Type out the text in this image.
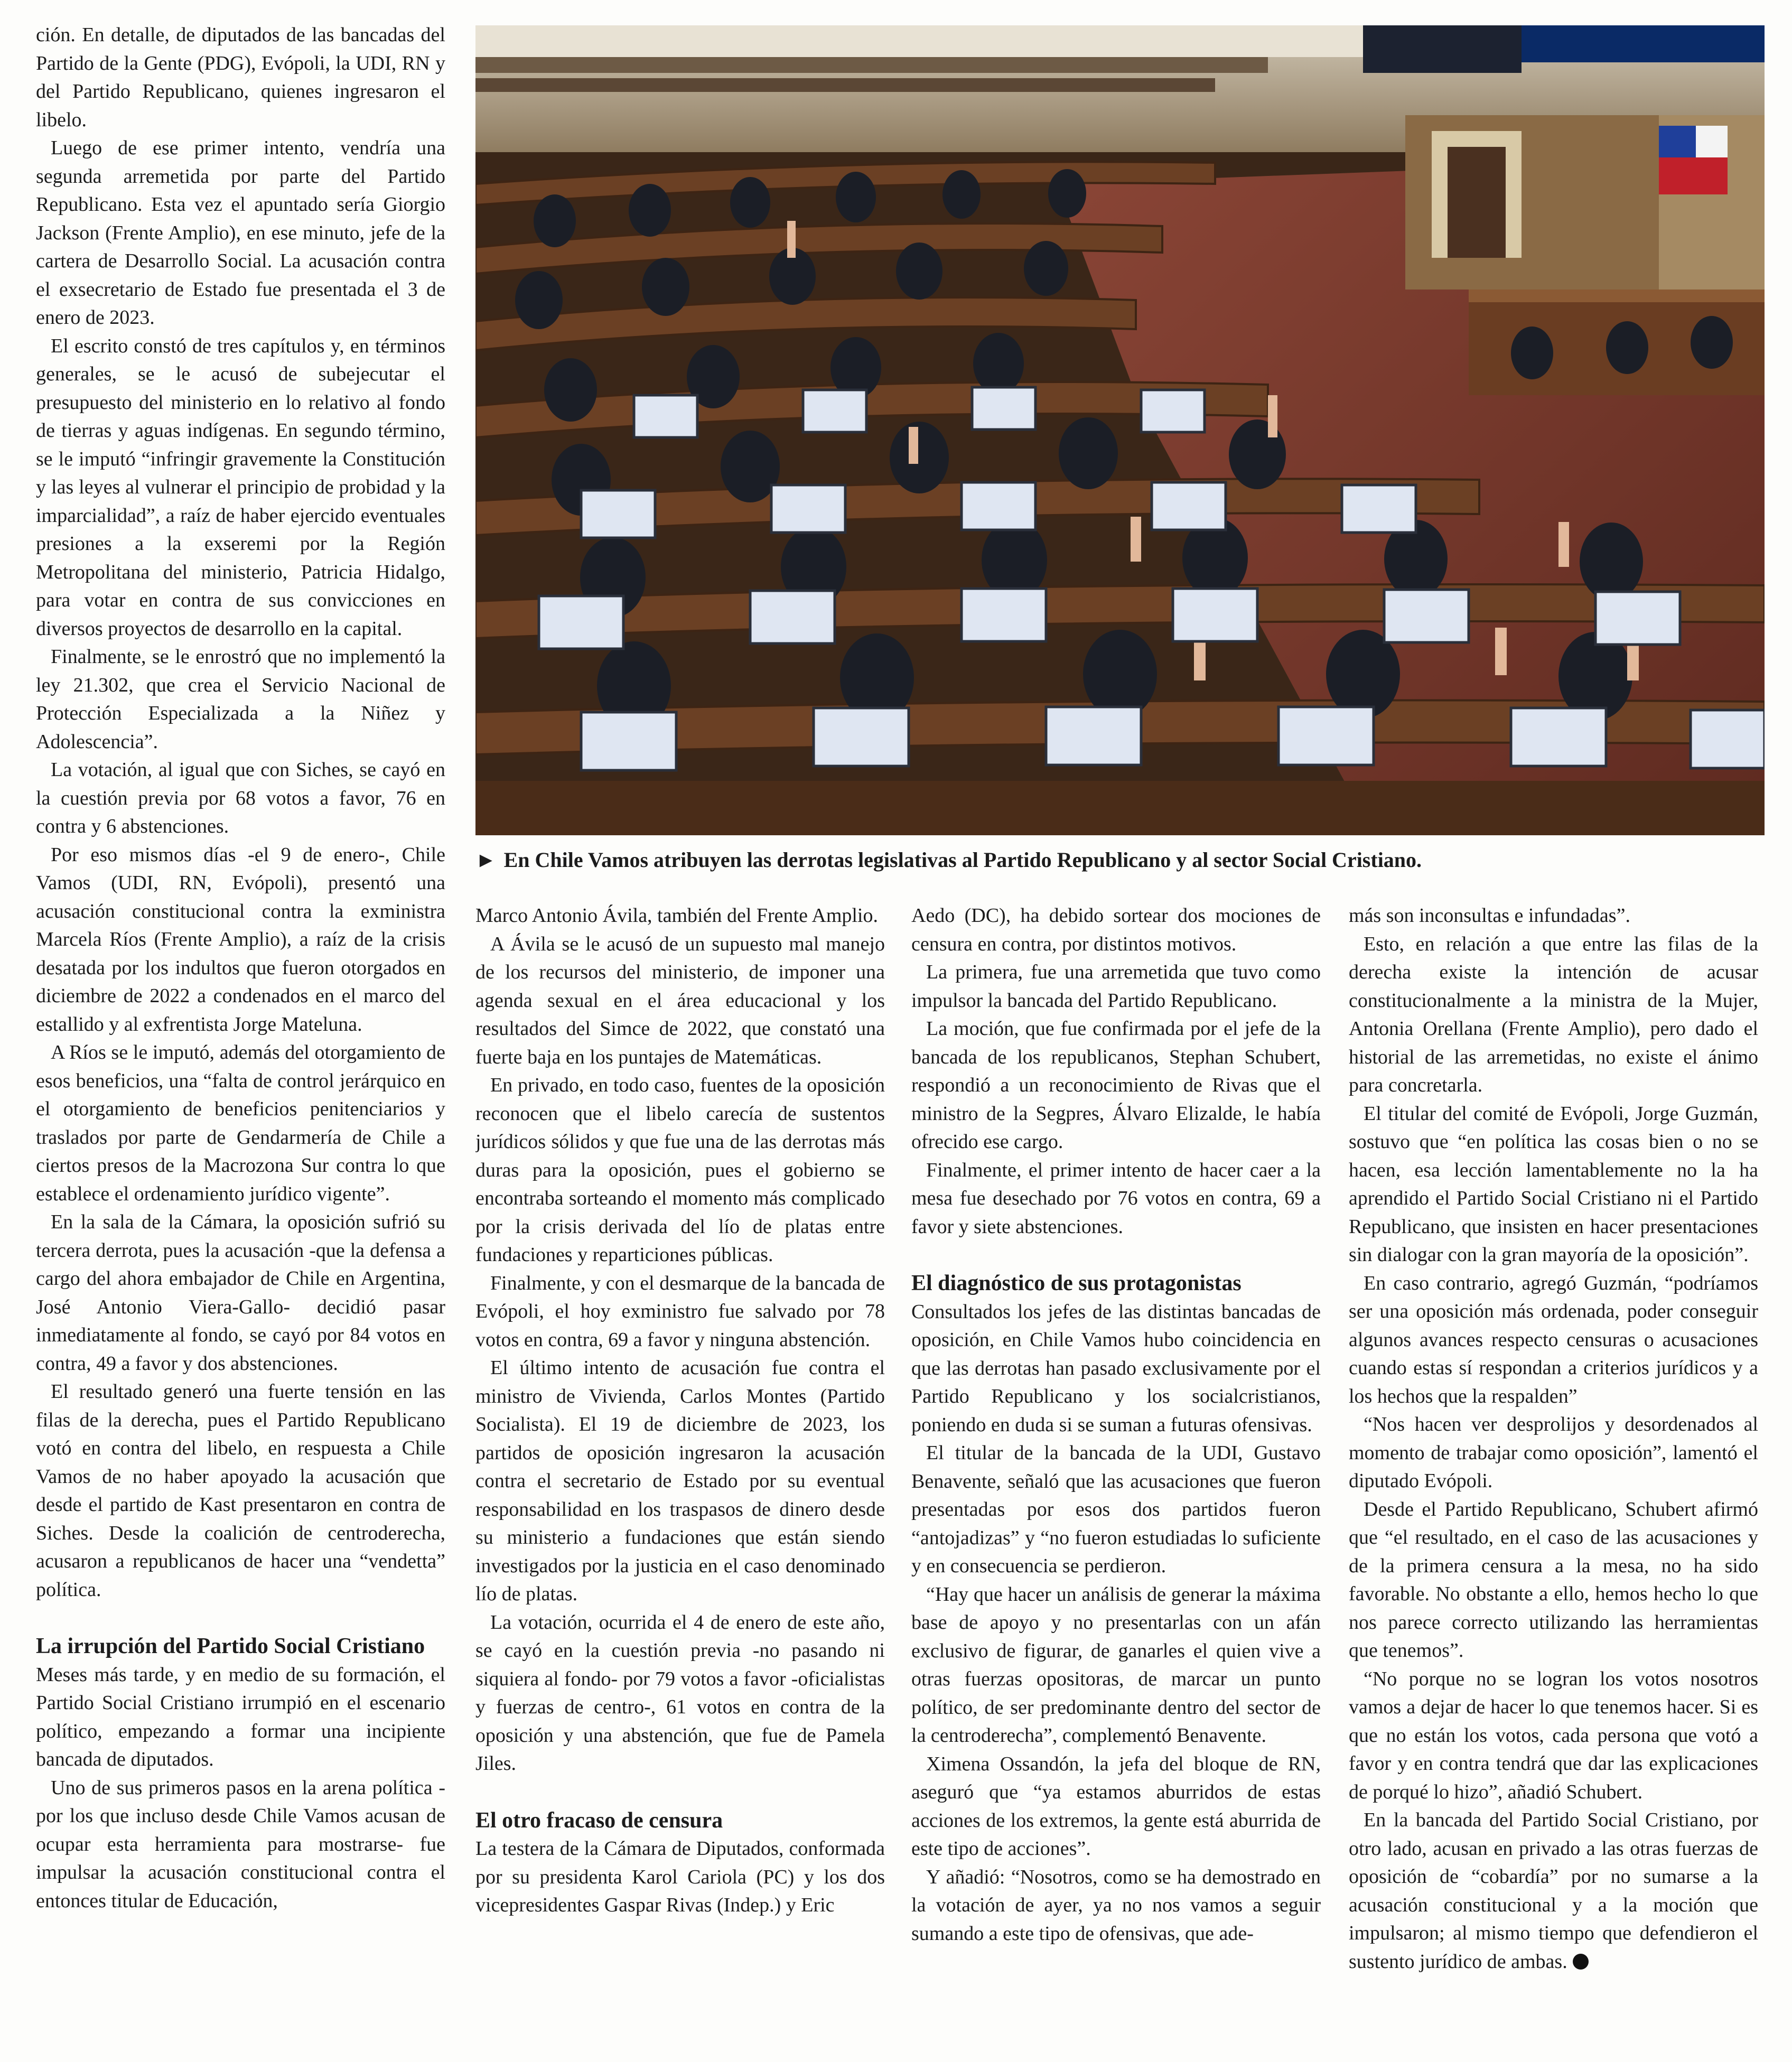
ción. En detalle, de diputados de las bancadas del Partido de la Gente (PDG), Evópoli, la UDI, RN y del Partido Republicano, quienes ingresaron el libelo.

Luego de ese primer intento, vendría una segunda arremetida por parte del Partido Republicano. Esta vez el apuntado sería Giorgio Jackson (Frente Amplio), en ese minuto, jefe de la cartera de Desarrollo Social. La acusación contra el exsecretario de Estado fue presentada el 3 de enero de 2023.

El escrito constó de tres capítulos y, en términos generales, se le acusó de subejecutar el presupuesto del ministerio en lo relativo al fondo de tierras y aguas indígenas. En segundo término, se le imputó “infringir gravemente la Constitución y las leyes al vulnerar el principio de probidad y la imparcialidad”, a raíz de haber ejercido eventuales presiones a la exseremi por la Región Metropolitana del ministerio, Patricia Hidalgo, para votar en contra de sus convicciones en diversos proyectos de desarrollo en la capital.

Finalmente, se le enrostró que no implementó la ley 21.302, que crea el Servicio Nacional de Protección Especializada a la Niñez y Adolescencia”.

La votación, al igual que con Siches, se cayó en la cuestión previa por 68 votos a favor, 76 en contra y 6 abstenciones.

Por eso mismos días -el 9 de enero-, Chile Vamos (UDI, RN, Evópoli), presentó una acusación constitucional contra la exministra Marcela Ríos (Frente Amplio), a raíz de la crisis desatada por los indultos que fueron otorgados en diciembre de 2022 a condenados en el marco del estallido y al exfrentista Jorge Mateluna.

A Ríos se le imputó, además del otorgamiento de esos beneficios, una “falta de control jerárquico en el otorgamiento de beneficios penitenciarios y traslados por parte de Gendarmería de Chile a ciertos presos de la Macrozona Sur contra lo que establece el ordenamiento jurídico vigente”.

En la sala de la Cámara, la oposición sufrió su tercera derrota, pues la acusación -que la defensa a cargo del ahora embajador de Chile en Argentina, José Antonio Viera-Gallo- decidió pasar inmediatamente al fondo, se cayó por 84 votos en contra, 49 a favor y dos abstenciones.

El resultado generó una fuerte tensión en las filas de la derecha, pues el Partido Republicano votó en contra del libelo, en respuesta a Chile Vamos de no haber apoyado la acusación que desde el partido de Kast presentaron en contra de Siches. Desde la coalición de centroderecha, acusaron a republicanos de hacer una “vendetta” política.

La irrupción del Partido Social Cristiano

Meses más tarde, y en medio de su formación, el Partido Social Cristiano irrumpió en el escenario político, empezando a formar una incipiente bancada de diputados.

Uno de sus primeros pasos en la arena política -por los que incluso desde Chile Vamos acusan de ocupar esta herramienta para mostrarse- fue impulsar la acusación constitucional contra el entonces titular de Educación,

► En Chile Vamos atribuyen las derrotas legislativas al Partido Republicano y al sector Social Cristiano.

Marco Antonio Ávila, también del Frente Amplio.

A Ávila se le acusó de un supuesto mal manejo de los recursos del ministerio, de imponer una agenda sexual en el área educacional y los resultados del Simce de 2022, que constató una fuerte baja en los puntajes de Matemáticas.

En privado, en todo caso, fuentes de la oposición reconocen que el libelo carecía de sustentos jurídicos sólidos y que fue una de las derrotas más duras para la oposición, pues el gobierno se encontraba sorteando el momento más complicado por la crisis derivada del lío de platas entre fundaciones y reparticiones públicas.

Finalmente, y con el desmarque de la bancada de Evópoli, el hoy exministro fue salvado por 78 votos en contra, 69 a favor y ninguna abstención.

El último intento de acusación fue contra el ministro de Vivienda, Carlos Montes (Partido Socialista). El 19 de diciembre de 2023, los partidos de oposición ingresaron la acusación contra el secretario de Estado por su eventual responsabilidad en los traspasos de dinero desde su ministerio a fundaciones que están siendo investigados por la justicia en el caso denominado lío de platas.

La votación, ocurrida el 4 de enero de este año, se cayó en la cuestión previa -no pasando ni siquiera al fondo- por 79 votos a favor -oficialistas y fuerzas de centro-, 61 votos en contra de la oposición y una abstención, que fue de Pamela Jiles.

El otro fracaso de censura

La testera de la Cámara de Diputados, conformada por su presidenta Karol Cariola (PC) y los dos vicepresidentes Gaspar Rivas (Indep.) y Eric

Aedo (DC), ha debido sortear dos mociones de censura en contra, por distintos motivos.

La primera, fue una arremetida que tuvo como impulsor la bancada del Partido Republicano.

La moción, que fue confirmada por el jefe de la bancada de los republicanos, Stephan Schubert, respondió a un reconocimiento de Rivas que el ministro de la Segpres, Álvaro Elizalde, le había ofrecido ese cargo.

Finalmente, el primer intento de hacer caer a la mesa fue desechado por 76 votos en contra, 69 a favor y siete abstenciones.

El diagnóstico de sus protagonistas

Consultados los jefes de las distintas bancadas de oposición, en Chile Vamos hubo coincidencia en que las derrotas han pasado exclusivamente por el Partido Republicano y los socialcristianos, poniendo en duda si se suman a futuras ofensivas.

El titular de la bancada de la UDI, Gustavo Benavente, señaló que las acusaciones que fueron presentadas por esos dos partidos fueron “antojadizas” y “no fueron estudiadas lo suficiente y en consecuencia se perdieron.

“Hay que hacer un análisis de generar la máxima base de apoyo y no presentarlas con un afán exclusivo de figurar, de ganarles el quien vive a otras fuerzas opositoras, de marcar un punto político, de ser predominante dentro del sector de la centroderecha”, complementó Benavente.

Ximena Ossandón, la jefa del bloque de RN, aseguró que “ya estamos aburridos de estas acciones de los extremos, la gente está aburrida de este tipo de acciones”.

Y añadió: “Nosotros, como se ha demostrado en la votación de ayer, ya no nos vamos a seguir sumando a este tipo de ofensivas, que ade-

más son inconsultas e infundadas”.

Esto, en relación a que entre las filas de la derecha existe la intención de acusar constitucionalmente a la ministra de la Mujer, Antonia Orellana (Frente Amplio), pero dado el historial de las arremetidas, no existe el ánimo para concretarla.

El titular del comité de Evópoli, Jorge Guzmán, sostuvo que “en política las cosas bien o no se hacen, esa lección lamentablemente no la ha aprendido el Partido Social Cristiano ni el Partido Republicano, que insisten en hacer presentaciones sin dialogar con la gran mayoría de la oposición”.

En caso contrario, agregó Guzmán, “podríamos ser una oposición más ordenada, poder conseguir algunos avances respecto censuras o acusaciones cuando estas sí respondan a criterios jurídicos y a los hechos que la respalden”

“Nos hacen ver desprolijos y desordenados al momento de trabajar como oposición”, lamentó el diputado Evópoli.

Desde el Partido Republicano, Schubert afirmó que “el resultado, en el caso de las acusaciones y de la primera censura a la mesa, no ha sido favorable. No obstante a ello, hemos hecho lo que nos parece correcto utilizando las herramientas que tenemos”.

“No porque no se logran los votos nosotros vamos a dejar de hacer lo que tenemos hacer. Si es que no están los votos, cada persona que votó a favor y en contra tendrá que dar las explicaciones de porqué lo hizo”, añadió Schubert.

En la bancada del Partido Social Cristiano, por otro lado, acusan en privado a las otras fuerzas de oposición de “cobardía” por no sumarse a la acusación constitucional y a la moción que impulsaron; al mismo tiempo que defendieron el sustento jurídico de ambas.
